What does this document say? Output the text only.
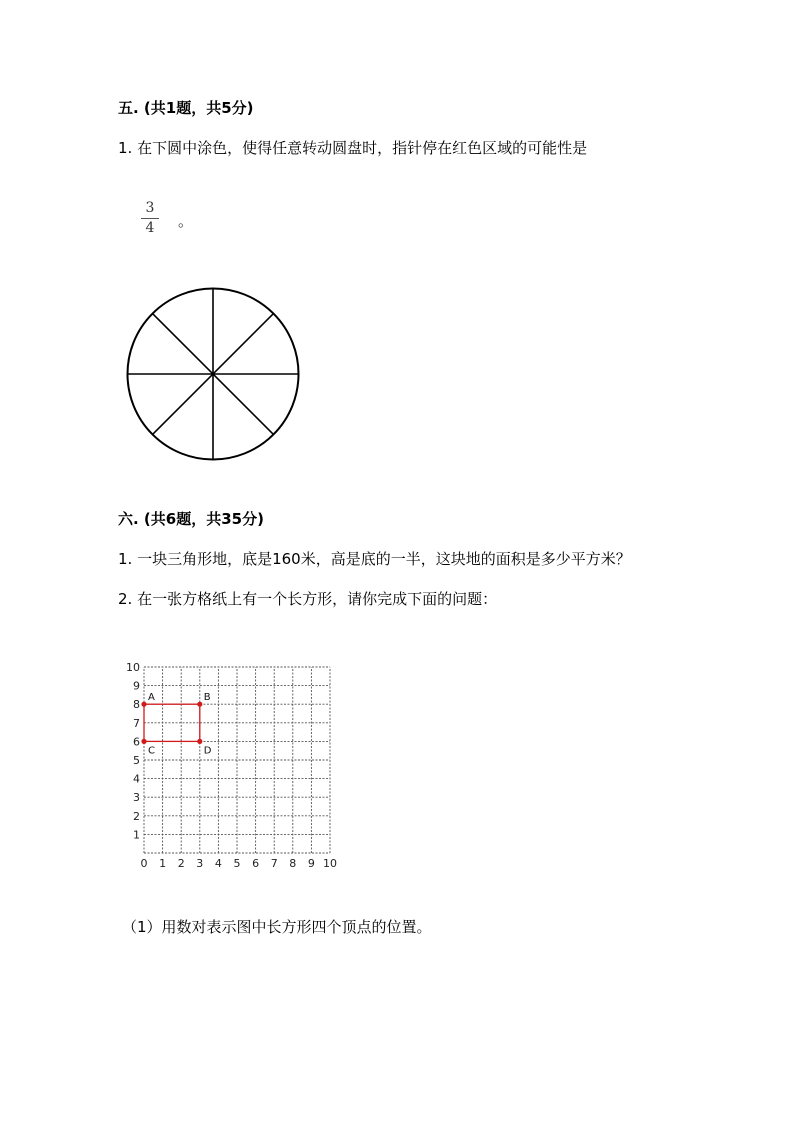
五. (共1题，共5分)
1. 在下圆中涂色，使得任意转动圆盘时，指针停在红色区域的可能性是
3
4	。
六. (共6题，共35分)
1. 一块三角形地，底是160米，高是底的一半，这块地的面积是多少平方米？
2. 在一张方格纸上有一个长方形，请你完成下面的问题：
0 1 2 3 4 5 6 7 8 9 10
1
2
3
4
5
6
7
8
9
10
A	B
C	D
（1）用数对表示图中长方形四个顶点的位置。
